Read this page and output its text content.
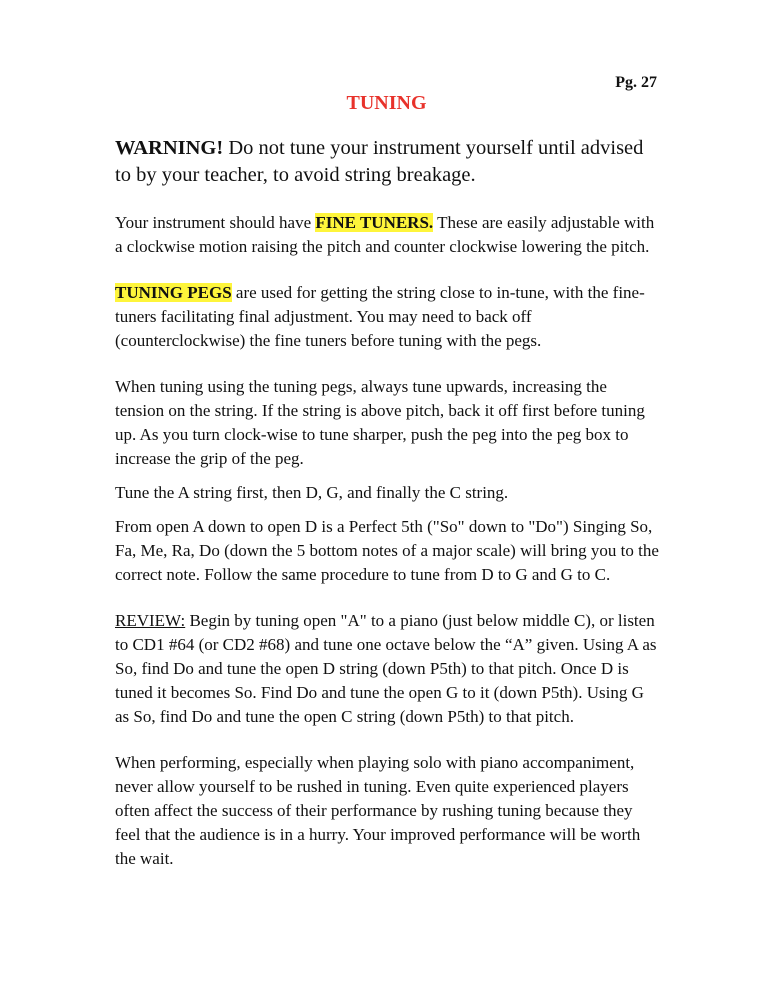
Pg. 27
TUNING

WARNING! Do not tune your instrument yourself until advised to by your teacher, to avoid string breakage.

Your instrument should have FINE TUNERS. These are easily adjustable with a clockwise motion raising the pitch and counter clockwise lowering the pitch.

TUNING PEGS are used for getting the string close to in-tune, with the fine-tuners facilitating final adjustment. You may need to back off (counterclockwise) the fine tuners before tuning with the pegs.

When tuning using the tuning pegs, always tune upwards, increasing the tension on the string. If the string is above pitch, back it off first before tuning up. As you turn clock-wise to tune sharper, push the peg into the peg box to increase the grip of the peg.

Tune the A string first, then D, G, and finally the C string.

From open A down to open D is a Perfect 5th ("So" down to "Do") Singing So, Fa, Me, Ra, Do (down the 5 bottom notes of a major scale) will bring you to the correct note. Follow the same procedure to tune from D to G and G to C.

REVIEW: Begin by tuning open "A" to a piano (just below middle C), or listen to CD1 #64 (or CD2 #68) and tune one octave below the “A” given. Using A as So, find Do and tune the open D string (down P5th) to that pitch. Once D is tuned it becomes So. Find Do and tune the open G to it (down P5th). Using G as So, find Do and tune the open C string (down P5th) to that pitch.

When performing, especially when playing solo with piano accompaniment, never allow yourself to be rushed in tuning. Even quite experienced players often affect the success of their performance by rushing tuning because they feel that the audience is in a hurry. Your improved performance will be worth the wait.
